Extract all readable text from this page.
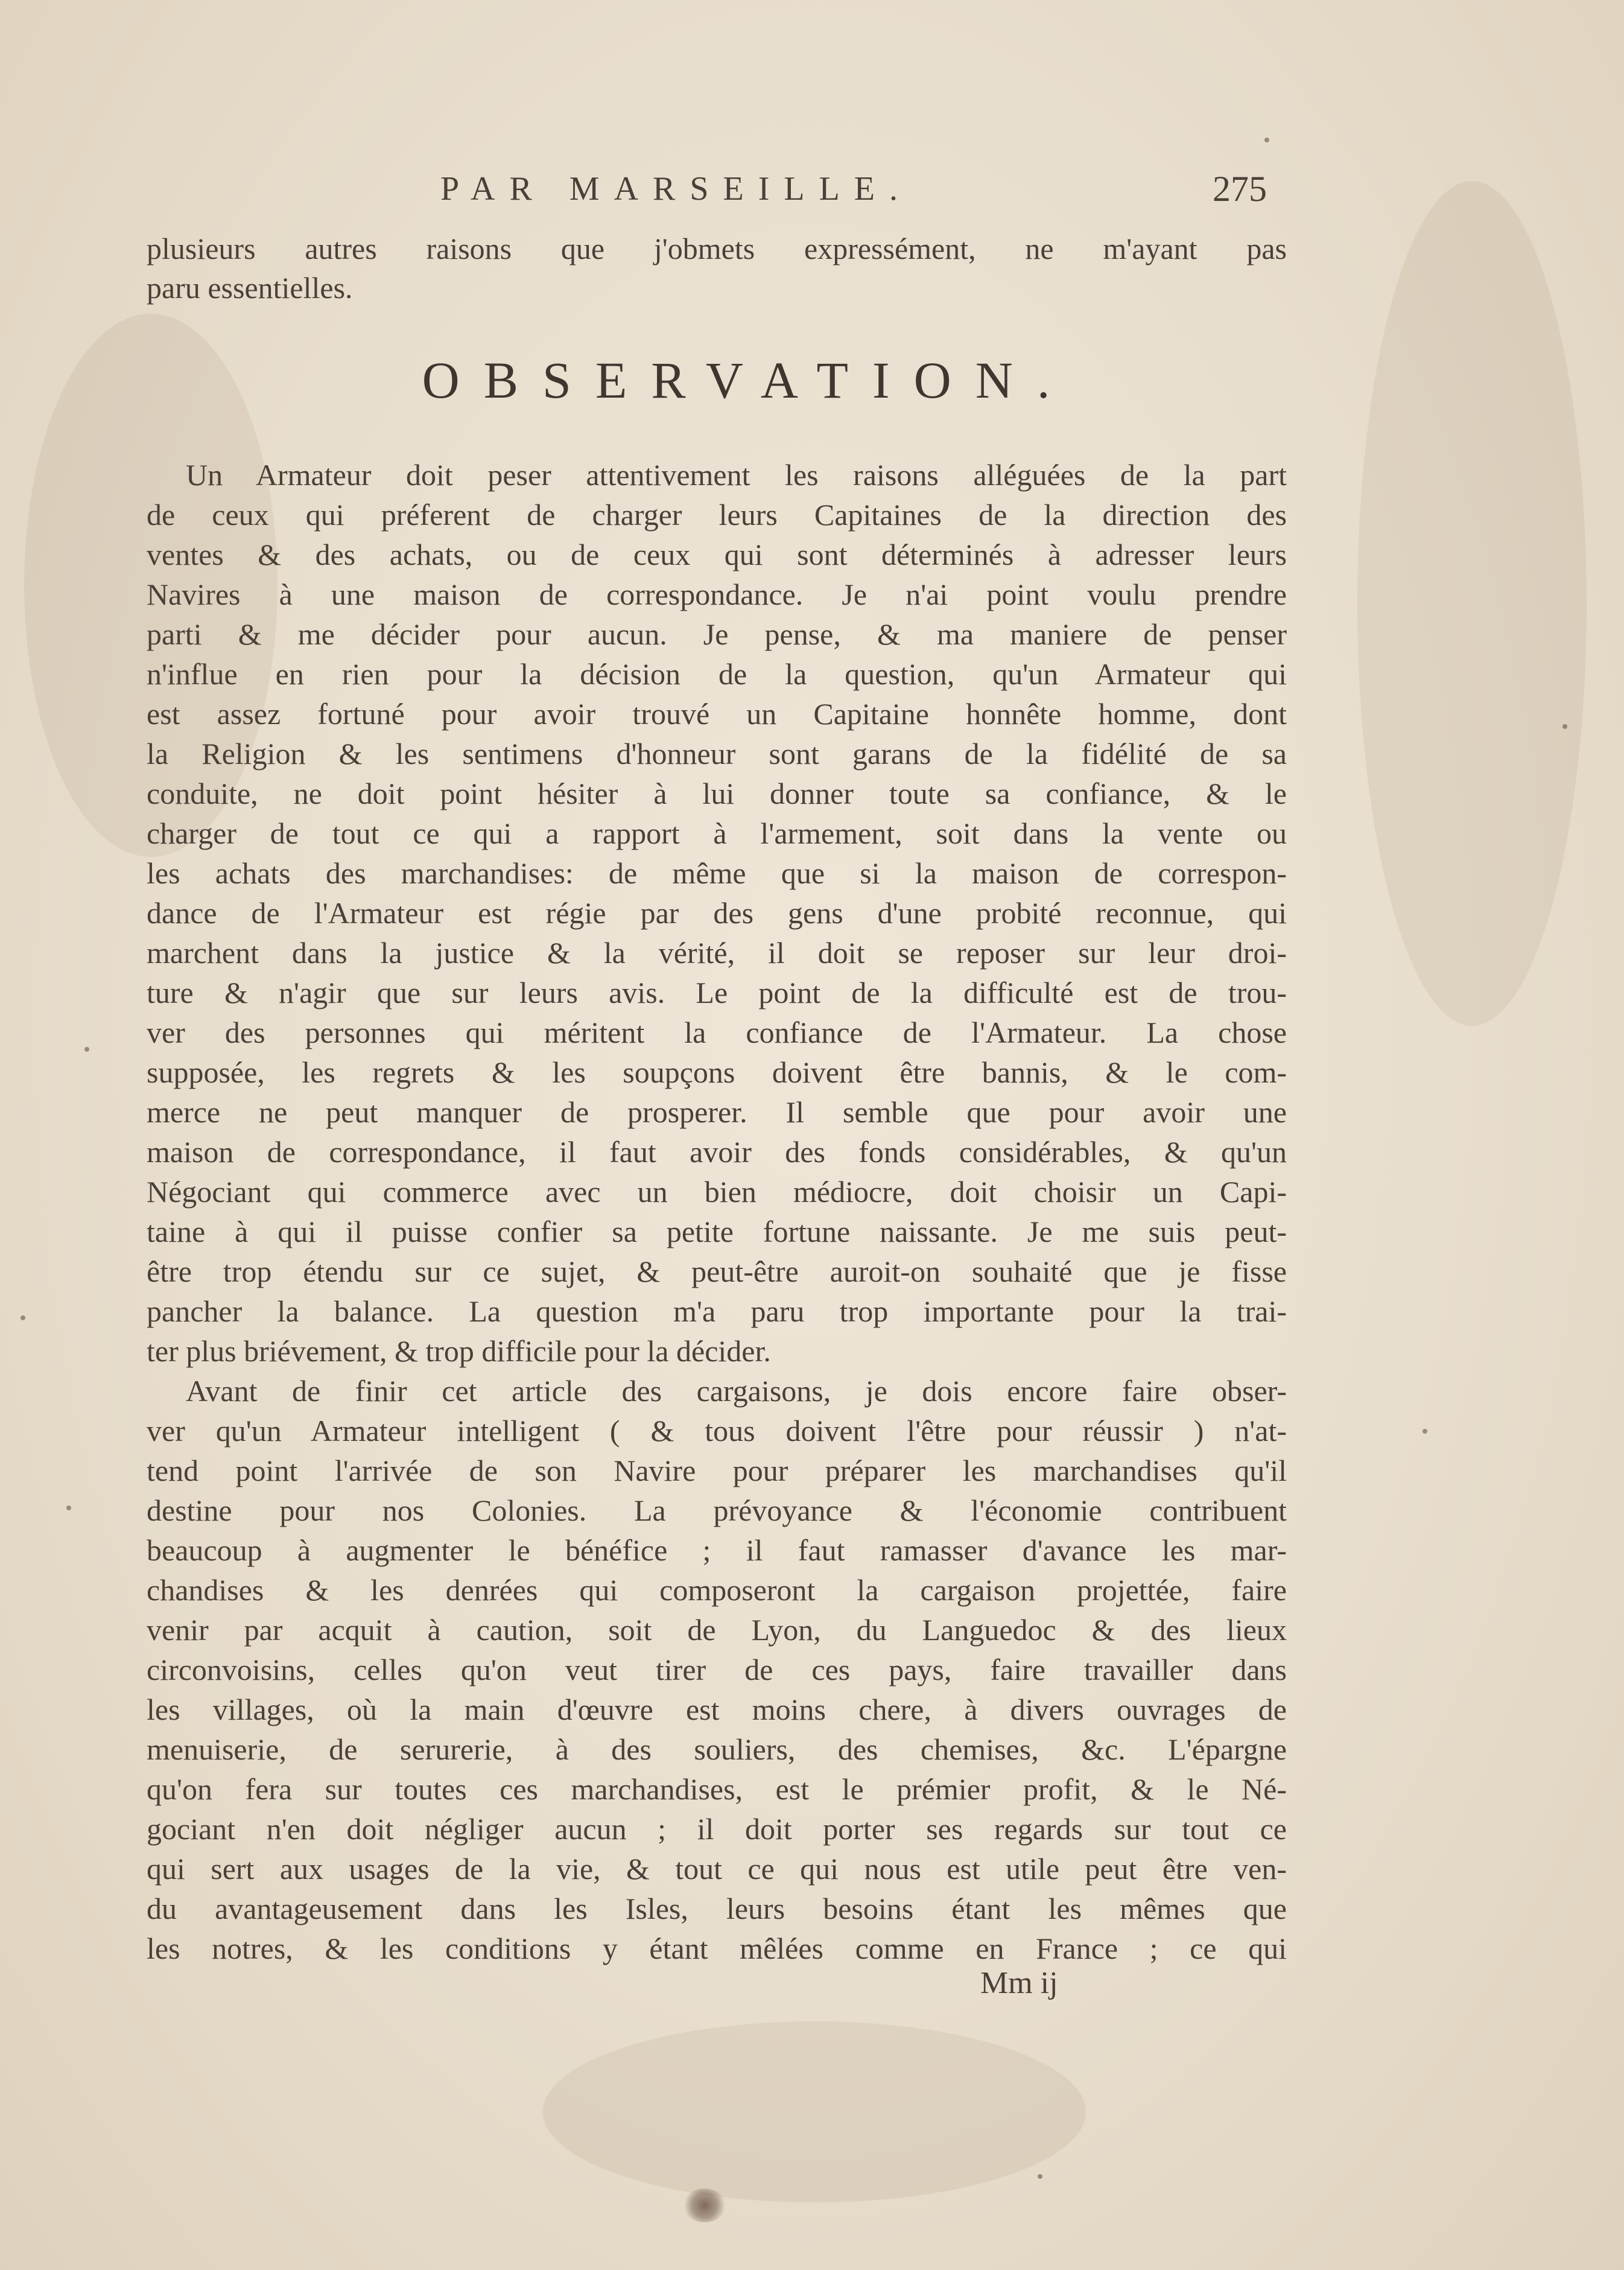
PAR MARSEILLE.	275
plusieurs autres raisons que j'obmets expressément, ne m'ayant pas
paru essentielles.
OBSERVATION.
Un Armateur doit peser attentivement les raisons alléguées de la part
de ceux qui préferent de charger leurs Capitaines de la direction des
ventes & des achats, ou de ceux qui sont déterminés à adresser leurs
Navires à une maison de correspondance. Je n'ai point voulu prendre
parti & me décider pour aucun. Je pense, & ma maniere de penser
n'influe en rien pour la décision de la question, qu'un Armateur qui
est assez fortuné pour avoir trouvé un Capitaine honnête homme, dont
la Religion & les sentimens d'honneur sont garans de la fidélité de sa
conduite, ne doit point hésiter à lui donner toute sa confiance, & le
charger de tout ce qui a rapport à l'armement, soit dans la vente ou
les achats des marchandises: de même que si la maison de correspon-
dance de l'Armateur est régie par des gens d'une probité reconnue, qui
marchent dans la justice & la vérité, il doit se reposer sur leur droi-
ture & n'agir que sur leurs avis. Le point de la difficulté est de trou-
ver des personnes qui méritent la confiance de l'Armateur. La chose
supposée, les regrets & les soupçons doivent être bannis, & le com-
merce ne peut manquer de prosperer. Il semble que pour avoir une
maison de correspondance, il faut avoir des fonds considérables, & qu'un
Négociant qui commerce avec un bien médiocre, doit choisir un Capi-
taine à qui il puisse confier sa petite fortune naissante. Je me suis peut-
être trop étendu sur ce sujet, & peut-être auroit-on souhaité que je fisse
pancher la balance. La question m'a paru trop importante pour la trai-
ter plus briévement, & trop difficile pour la décider.
Avant de finir cet article des cargaisons, je dois encore faire obser-
ver qu'un Armateur intelligent ( & tous doivent l'être pour réussir ) n'at-
tend point l'arrivée de son Navire pour préparer les marchandises qu'il
destine pour nos Colonies. La prévoyance & l'économie contribuent
beaucoup à augmenter le bénéfice ; il faut ramasser d'avance les mar-
chandises & les denrées qui composeront la cargaison projettée, faire
venir par acquit à caution, soit de Lyon, du Languedoc & des lieux
circonvoisins, celles qu'on veut tirer de ces pays, faire travailler dans
les villages, où la main d'œuvre est moins chere, à divers ouvrages de
menuiserie, de serurerie, à des souliers, des chemises, &c. L'épargne
qu'on fera sur toutes ces marchandises, est le prémier profit, & le Né-
gociant n'en doit négliger aucun ; il doit porter ses regards sur tout ce
qui sert aux usages de la vie, & tout ce qui nous est utile peut être ven-
du avantageusement dans les Isles, leurs besoins étant les mêmes que
les notres, & les conditions y étant mêlées comme en France ; ce qui
Mm ij
